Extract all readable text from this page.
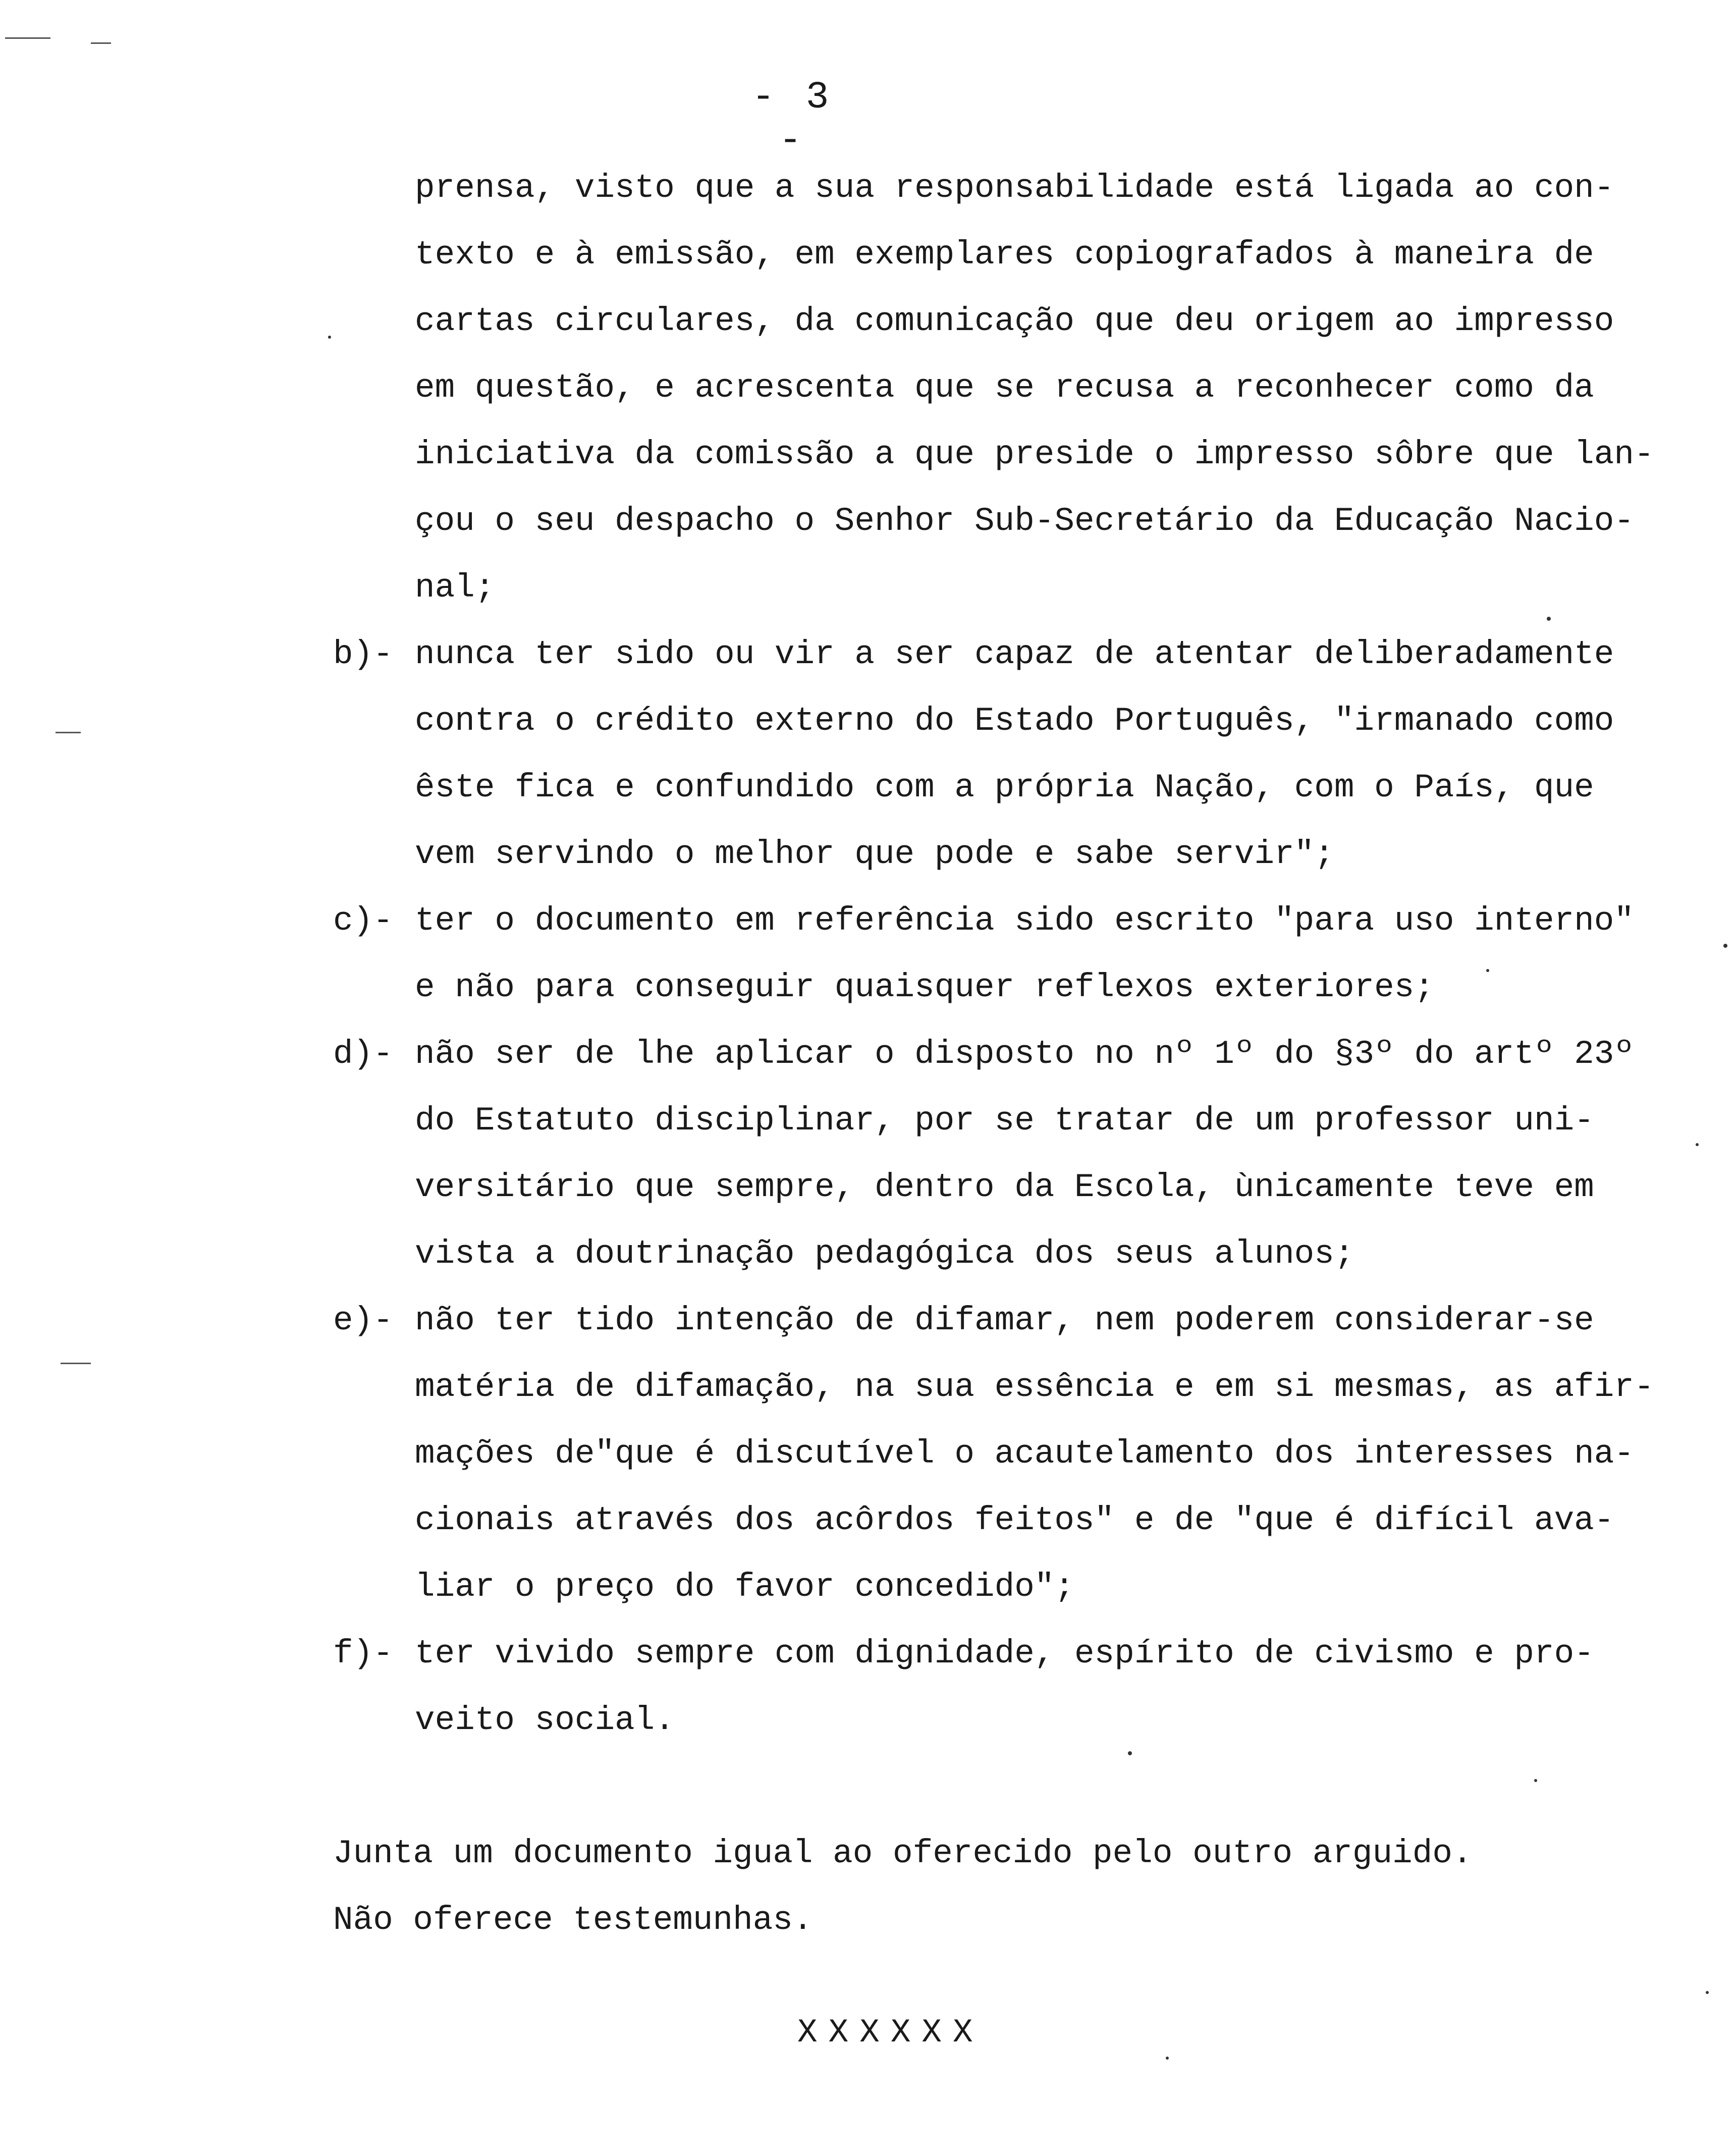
- 3 -
prensa, visto que a sua responsabilidade está ligada ao con-
texto e à emissão, em exemplares copiografados à maneira de
cartas circulares, da comunicação que deu origem ao impresso
em questão, e acrescenta que se recusa a reconhecer como da
iniciativa da comissão a que preside o impresso sôbre que lan-
çou o seu despacho o Senhor Sub-Secretário da Educação Nacio-
nal;
b)- nunca ter sido ou vir a ser capaz de atentar deliberadamente
contra o crédito externo do Estado Português, "irmanado como
êste fica e confundido com a própria Nação, com o País, que
vem servindo o melhor que pode e sabe servir";
c)- ter o documento em referência sido escrito "para uso interno"
e não para conseguir quaisquer reflexos exteriores;
d)- não ser de lhe aplicar o disposto no nº 1º do §3º do artº 23º
do Estatuto disciplinar, por se tratar de um professor uni-
versitário que sempre, dentro da Escola, ùnicamente teve em
vista a doutrinação pedagógica dos seus alunos;
e)- não ter tido intenção de difamar, nem poderem considerar-se
matéria de difamação, na sua essência e em si mesmas, as afir-
mações de"que é discutível o acautelamento dos interesses na-
cionais através dos acôrdos feitos" e de "que é difícil ava-
liar o preço do favor concedido";
f)- ter vivido sempre com dignidade, espírito de civismo e pro-
veito social.
Junta um documento igual ao oferecido pelo outro arguido.
Não oferece testemunhas.
XXXXXX
